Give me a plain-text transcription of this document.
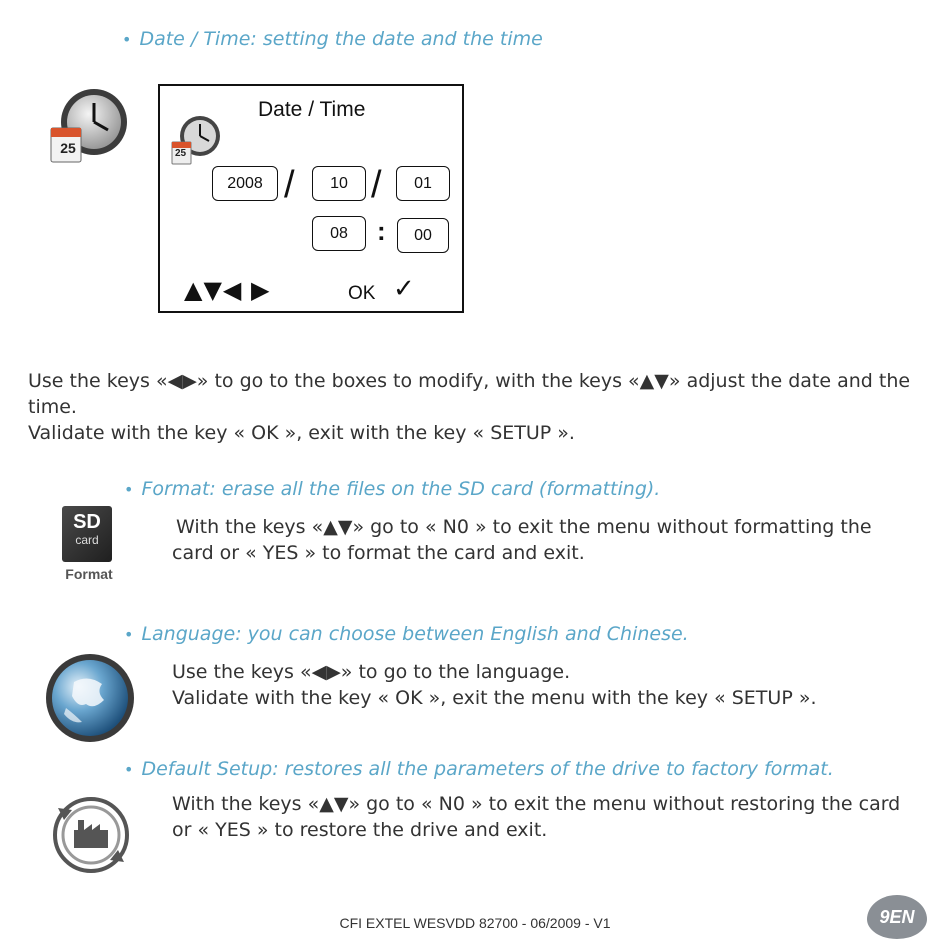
• Date / Time: setting the date and the time
25
Date / Time
25
2008 /	10 /	01
08	:	00
▲▼◀ ▶	OK ✓
Use the keys «◀▶» to go to the boxes to modify, with the keys «▲▼» adjust the date and the time.
Validate with the key « OK », exit with the key « SETUP ».
• Format: erase all the files on the SD card (formatting).
SD
card
Format
With the keys «▲▼» go to « N0 » to exit the menu without formatting the card or « YES » to format the card and exit.
• Language: you can choose between English and Chinese.
Use the keys «◀▶» to go to the language.
Validate with the key « OK », exit the menu with the key « SETUP ».
• Default Setup: restores all the parameters of the drive to factory format.
With the keys «▲▼» go to « N0 » to exit the menu without restoring the card or « YES » to restore the drive and exit.
CFI EXTEL WESVDD 82700 - 06/2009 - V1	9EN
